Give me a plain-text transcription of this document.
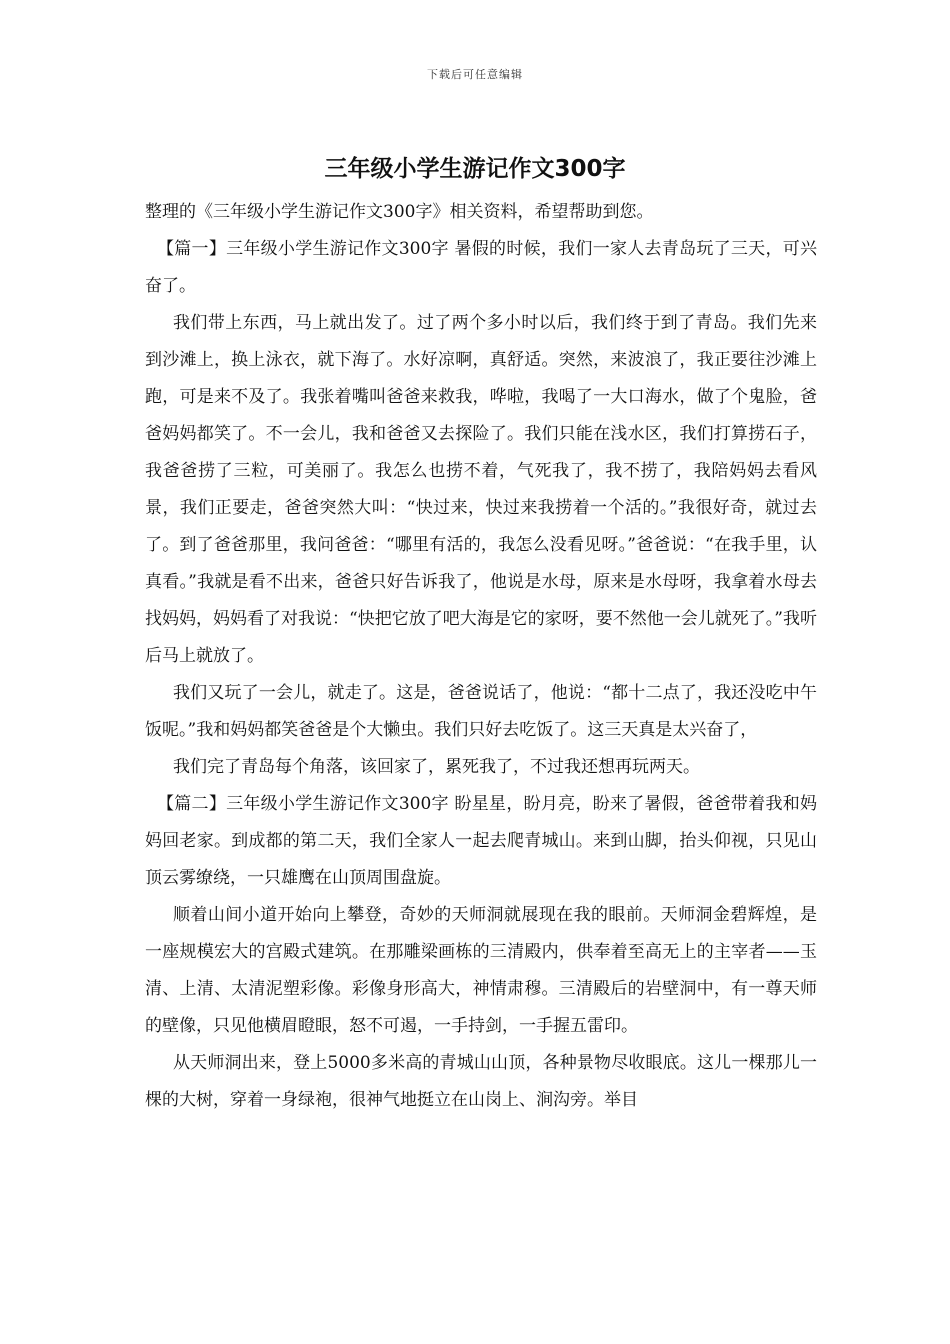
下载后可任意编辑
三年级小学生游记作文300字

整理的《三年级小学生游记作文300字》相关资料，希望帮助到您。

【篇一】三年级小学生游记作文300字 暑假的时候，我们一家人去青岛玩了三天，可兴奋了。

我们带上东西，马上就出发了。过了两个多小时以后，我们终于到了青岛。我们先来到沙滩上，换上泳衣，就下海了。水好凉啊，真舒适。突然，来波浪了，我正要往沙滩上跑，可是来不及了。我张着嘴叫爸爸来救我，哗啦，我喝了一大口海水，做了个鬼脸，爸爸妈妈都笑了。不一会儿，我和爸爸又去探险了。我们只能在浅水区，我们打算捞石子，我爸爸捞了三粒，可美丽了。我怎么也捞不着，气死我了，我不捞了，我陪妈妈去看风景，我们正要走，爸爸突然大叫：“快过来，快过来我捞着一个活的。”我很好奇，就过去了。到了爸爸那里，我问爸爸：“哪里有活的，我怎么没看见呀。”爸爸说：“在我手里，认真看。”我就是看不出来，爸爸只好告诉我了，他说是水母，原来是水母呀，我拿着水母去找妈妈，妈妈看了对我说：“快把它放了吧大海是它的家呀，要不然他一会儿就死了。”我听后马上就放了。

我们又玩了一会儿，就走了。这是，爸爸说话了，他说：“都十二点了，我还没吃中午饭呢。”我和妈妈都笑爸爸是个大懒虫。我们只好去吃饭了。这三天真是太兴奋了，

我们完了青岛每个角落，该回家了，累死我了，不过我还想再玩两天。

【篇二】三年级小学生游记作文300字 盼星星，盼月亮，盼来了暑假，爸爸带着我和妈妈回老家。到成都的第二天，我们全家人一起去爬青城山。来到山脚，抬头仰视，只见山顶云雾缭绕，一只雄鹰在山顶周围盘旋。

顺着山间小道开始向上攀登，奇妙的天师洞就展现在我的眼前。天师洞金碧辉煌，是一座规模宏大的宫殿式建筑。在那雕梁画栋的三清殿内，供奉着至高无上的主宰者——玉清、上清、太清泥塑彩像。彩像身形高大，神情肃穆。三清殿后的岩壁洞中，有一尊天师的壁像，只见他横眉瞪眼，怒不可遏，一手持剑，一手握五雷印。

从天师洞出来，登上5000多米高的青城山山顶，各种景物尽收眼底。这儿一棵那儿一棵的大树，穿着一身绿袍，很神气地挺立在山岗上、涧沟旁。举目
